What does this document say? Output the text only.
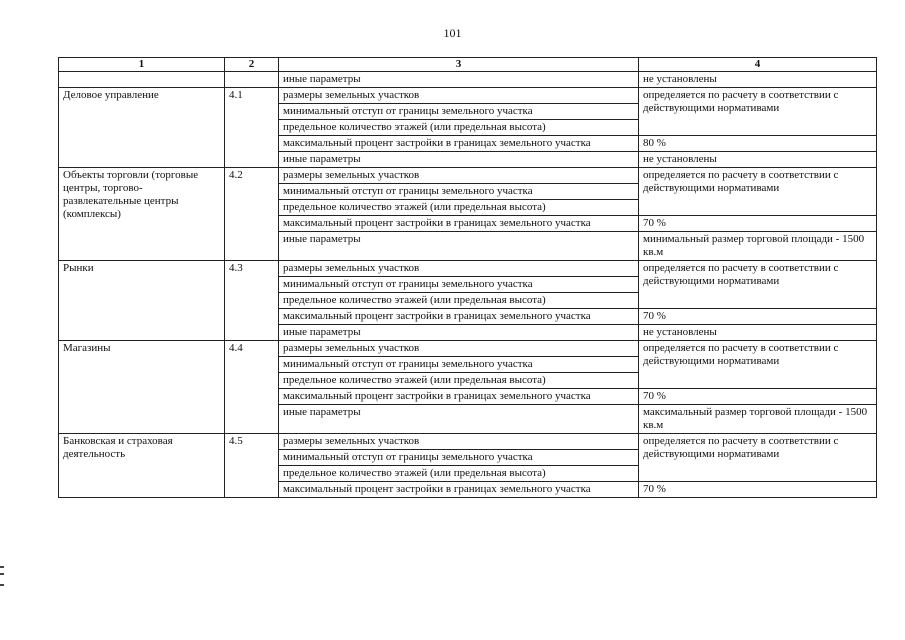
101
1	2	3	4
		иные параметры	не установлены
Деловое управление	4.1	размеры земельных участков	определяется по расчету в соответствии с действующими нормативами
		минимальный отступ от границы земельного участка	
		предельное количество этажей (или предельная высота)	
		максимальный процент застройки в границах земельного участка	80 %
		иные параметры	не установлены
Объекты торговли (торговые центры, торгово-развлекательные центры (комплексы)	4.2	размеры земельных участков	определяется по расчету в соответствии с действующими нормативами
		минимальный отступ от границы земельного участка	
		предельное количество этажей (или предельная высота)	
		максимальный процент застройки в границах земельного участка	70 %
		иные параметры	минимальный размер торговой площади - 1500 кв.м
Рынки	4.3	размеры земельных участков	определяется по расчету в соответствии с действующими нормативами
		минимальный отступ от границы земельного участка	
		предельное количество этажей (или предельная высота)	
		максимальный процент застройки в границах земельного участка	70 %
		иные параметры	не установлены
Магазины	4.4	размеры земельных участков	определяется по расчету в соответствии с действующими нормативами
		минимальный отступ от границы земельного участка	
		предельное количество этажей (или предельная высота)	
		максимальный процент застройки в границах земельного участка	70 %
		иные параметры	максимальный размер торговой площади - 1500 кв.м
Банковская и страховая деятельность	4.5	размеры земельных участков	определяется по расчету в соответствии с действующими нормативами
		минимальный отступ от границы земельного участка	
		предельное количество этажей (или предельная высота)	
		максимальный процент застройки в границах земельного участка	70 %
